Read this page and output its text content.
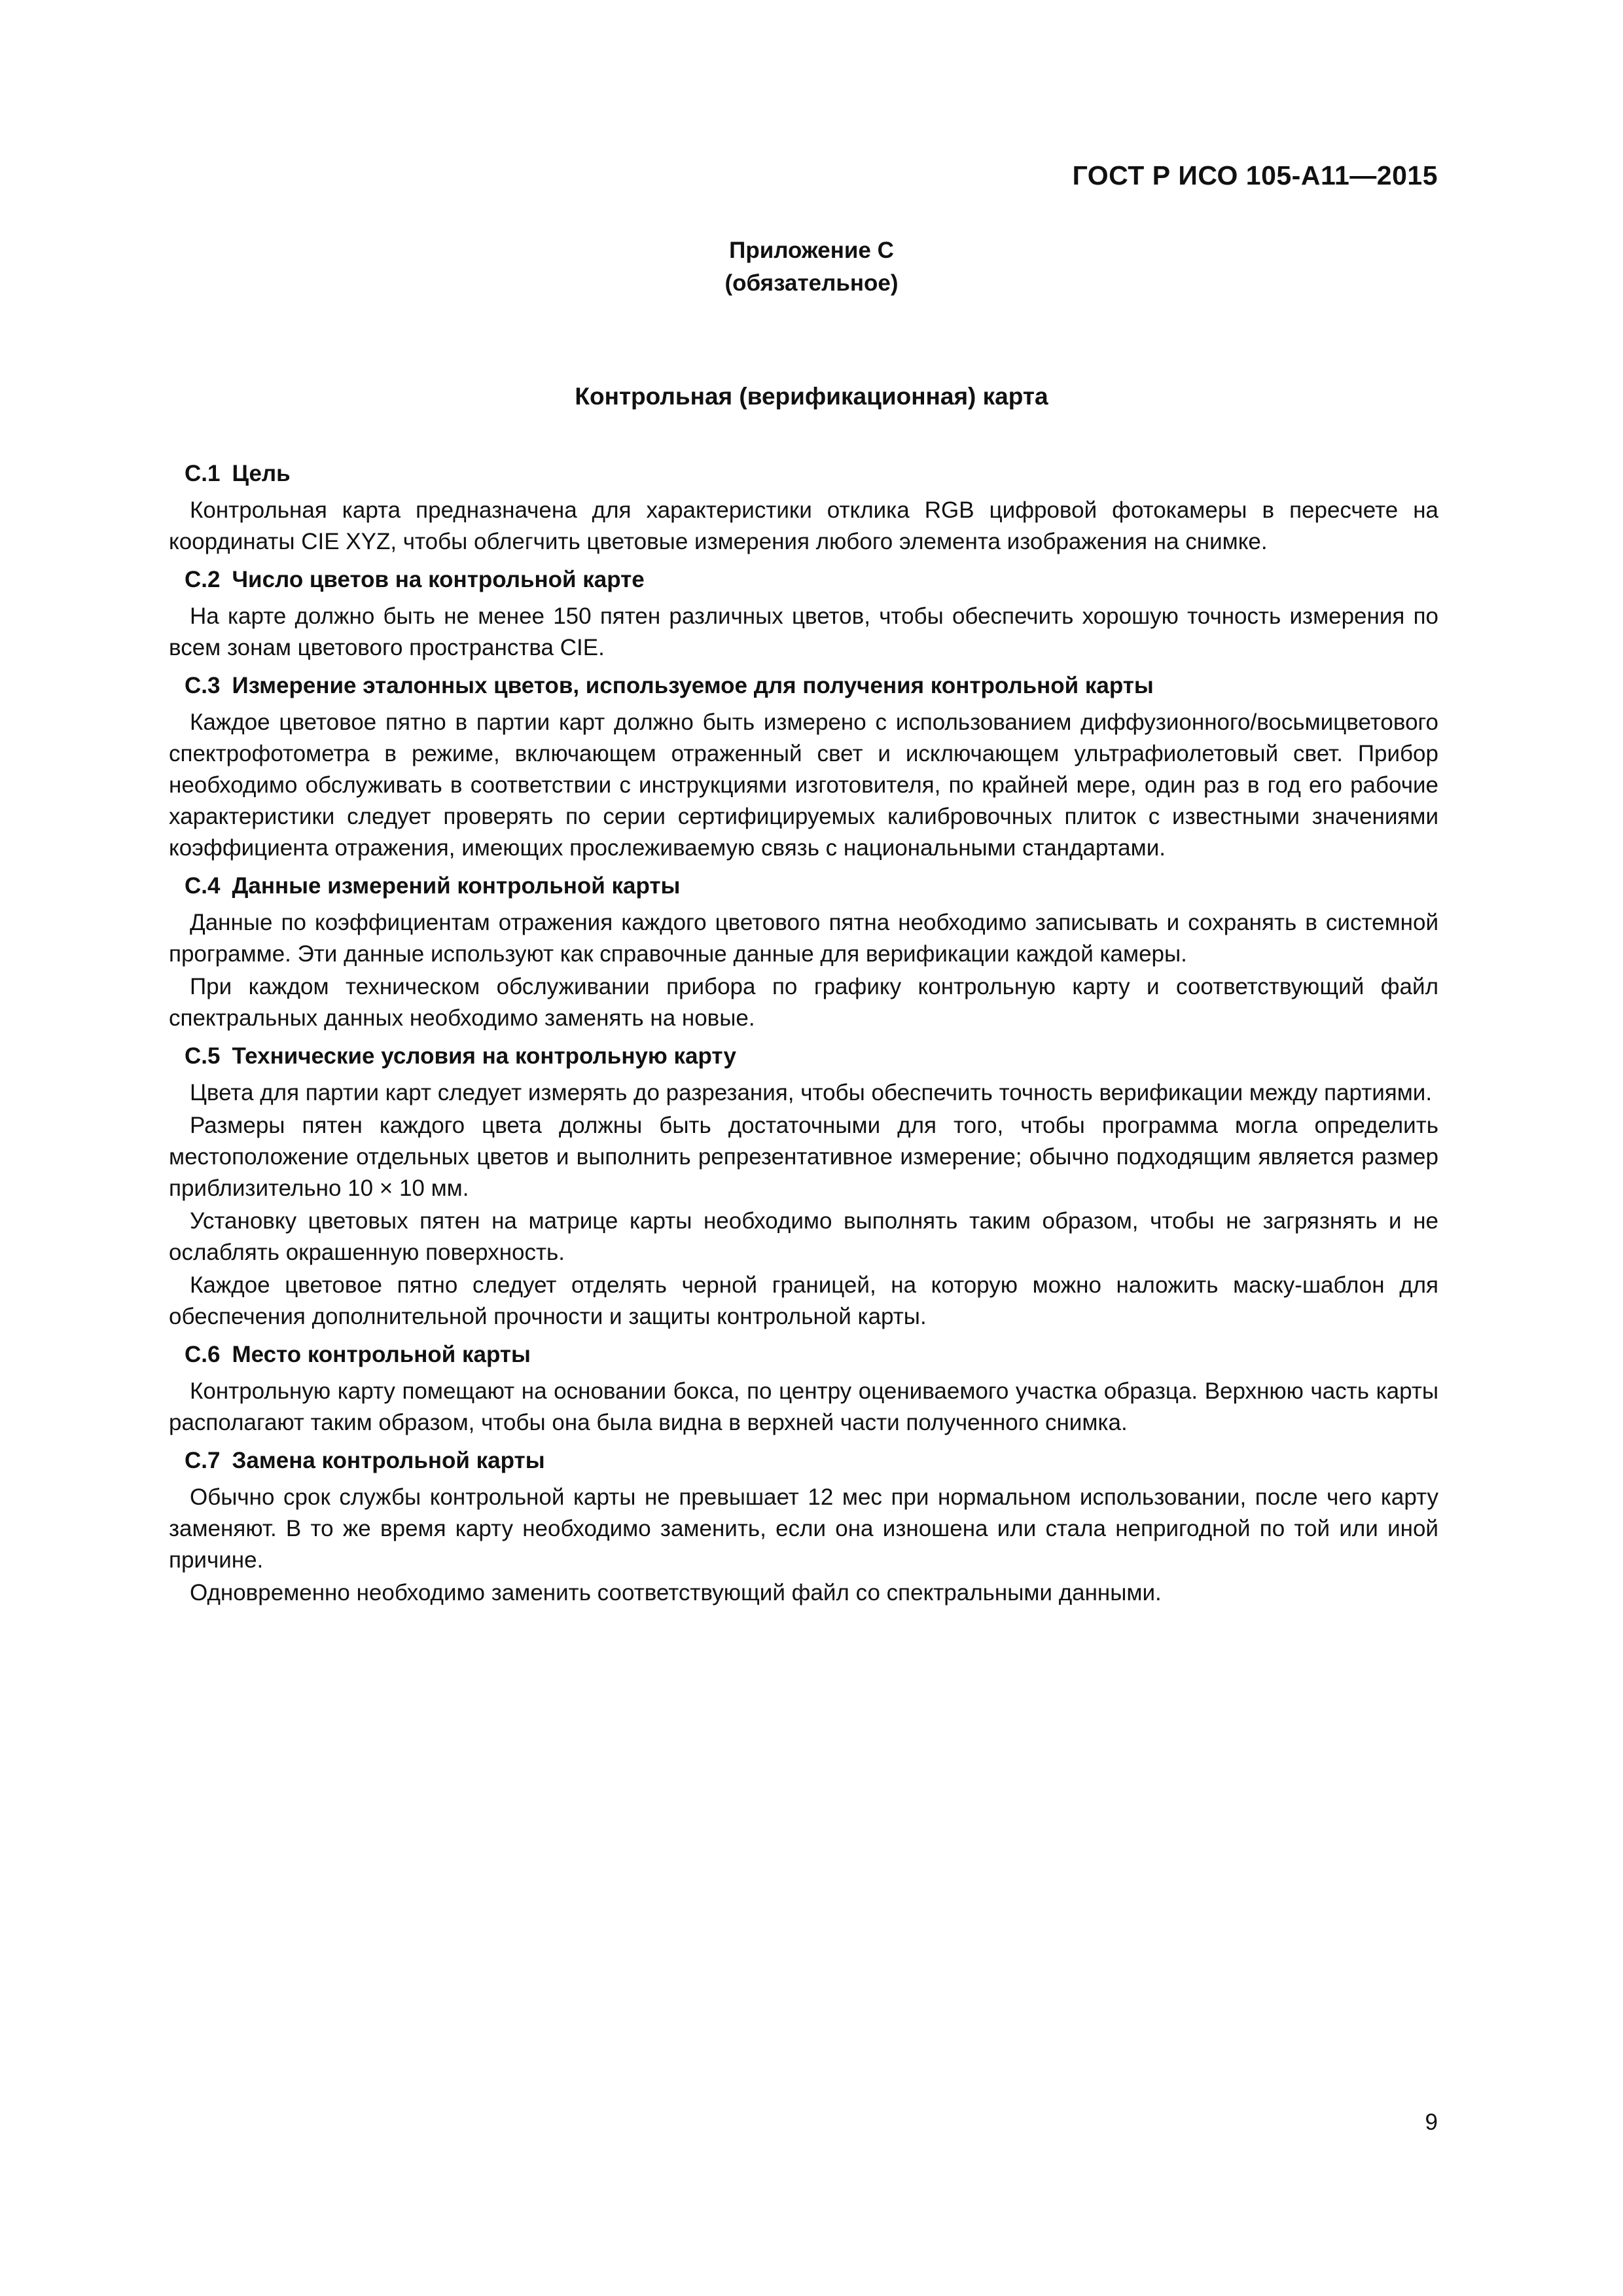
ГОСТ Р ИСО 105-A11—2015
Приложение С
(обязательное)
Контрольная (верификационная) карта
С.1 Цель
Контрольная карта предназначена для характеристики отклика RGB цифровой фотокамеры в пересчете на координаты CIE XYZ, чтобы облегчить цветовые измерения любого элемента изображения на снимке.
С.2 Число цветов на контрольной карте
На карте должно быть не менее 150 пятен различных цветов, чтобы обеспечить хорошую точность измерения по всем зонам цветового пространства CIE.
С.3 Измерение эталонных цветов, используемое для получения контрольной карты
Каждое цветовое пятно в партии карт должно быть измерено с использованием диффузионного/восьмицветового спектрофотометра в режиме, включающем отраженный свет и исключающем ультрафиолетовый свет. Прибор необходимо обслуживать в соответствии с инструкциями изготовителя, по крайней мере, один раз в год его рабочие характеристики следует проверять по серии сертифицируемых калибровочных плиток с известными значениями коэффициента отражения, имеющих прослеживаемую связь с национальными стандартами.
С.4 Данные измерений контрольной карты
Данные по коэффициентам отражения каждого цветового пятна необходимо записывать и сохранять в системной программе. Эти данные используют как справочные данные для верификации каждой камеры.
При каждом техническом обслуживании прибора по графику контрольную карту и соответствующий файл спектральных данных необходимо заменять на новые.
С.5 Технические условия на контрольную карту
Цвета для партии карт следует измерять до разрезания, чтобы обеспечить точность верификации между партиями.
Размеры пятен каждого цвета должны быть достаточными для того, чтобы программа могла определить местоположение отдельных цветов и выполнить репрезентативное измерение; обычно подходящим является размер приблизительно 10 × 10 мм.
Установку цветовых пятен на матрице карты необходимо выполнять таким образом, чтобы не загрязнять и не ослаблять окрашенную поверхность.
Каждое цветовое пятно следует отделять черной границей, на которую можно наложить маску-шаблон для обеспечения дополнительной прочности и защиты контрольной карты.
С.6 Место контрольной карты
Контрольную карту помещают на основании бокса, по центру оцениваемого участка образца. Верхнюю часть карты располагают таким образом, чтобы она была видна в верхней части полученного снимка.
С.7 Замена контрольной карты
Обычно срок службы контрольной карты не превышает 12 мес при нормальном использовании, после чего карту заменяют. В то же время карту необходимо заменить, если она изношена или стала непригодной по той или иной причине.
Одновременно необходимо заменить соответствующий файл со спектральными данными.
9
